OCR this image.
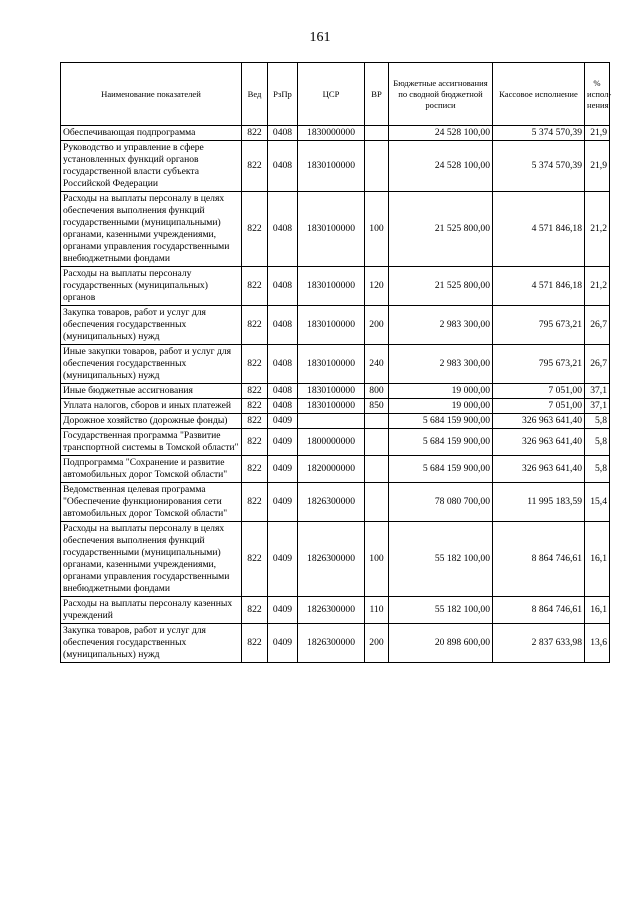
161
Наименование показателей	Вед	РзПр	ЦСР	ВР	Бюджетные ассигнования по сводной бюджетной росписи	Кассовое исполнение	% испол-нения
Обеспечивающая подпрограмма	822	0408	1830000000		24 528 100,00	5 374 570,39	21,9
Руководство и управление в сфере установленных функций органов государственной власти субъекта Российской Федерации	822	0408	1830100000		24 528 100,00	5 374 570,39	21,9
Расходы на выплаты персоналу в целях обеспечения выполнения функций государственными (муниципальными) органами, казенными учреждениями, органами управления государственными внебюджетными фондами	822	0408	1830100000	100	21 525 800,00	4 571 846,18	21,2
Расходы на выплаты персоналу государственных (муниципальных) органов	822	0408	1830100000	120	21 525 800,00	4 571 846,18	21,2
Закупка товаров, работ и услуг для обеспечения государственных (муниципальных) нужд	822	0408	1830100000	200	2 983 300,00	795 673,21	26,7
Иные закупки товаров, работ и услуг для обеспечения государственных (муниципальных) нужд	822	0408	1830100000	240	2 983 300,00	795 673,21	26,7
Иные бюджетные ассигнования	822	0408	1830100000	800	19 000,00	7 051,00	37,1
Уплата налогов, сборов и иных платежей	822	0408	1830100000	850	19 000,00	7 051,00	37,1
Дорожное хозяйство (дорожные фонды)	822	0409			5 684 159 900,00	326 963 641,40	5,8
Государственная программа "Развитие транспортной системы в Томской области"	822	0409	1800000000		5 684 159 900,00	326 963 641,40	5,8
Подпрограмма "Сохранение и развитие автомобильных дорог Томской области"	822	0409	1820000000		5 684 159 900,00	326 963 641,40	5,8
Ведомственная целевая программа "Обеспечение функционирования сети автомобильных дорог Томской области"	822	0409	1826300000		78 080 700,00	11 995 183,59	15,4
Расходы на выплаты персоналу в целях обеспечения выполнения функций государственными (муниципальными) органами, казенными учреждениями, органами управления государственными внебюджетными фондами	822	0409	1826300000	100	55 182 100,00	8 864 746,61	16,1
Расходы на выплаты персоналу казенных учреждений	822	0409	1826300000	110	55 182 100,00	8 864 746,61	16,1
Закупка товаров, работ и услуг для обеспечения государственных (муниципальных) нужд	822	0409	1826300000	200	20 898 600,00	2 837 633,98	13,6
